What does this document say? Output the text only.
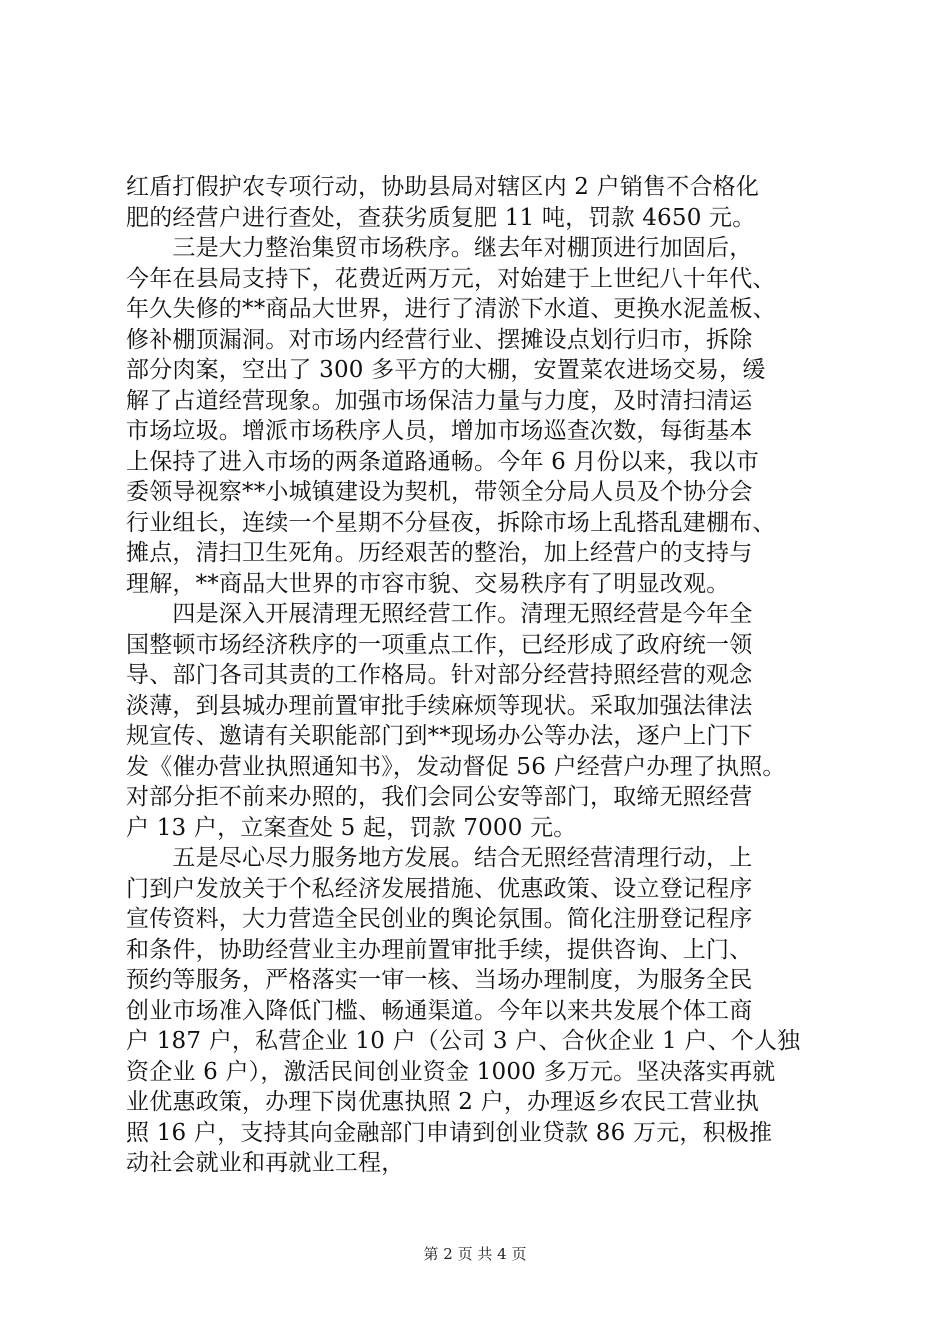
红盾打假护农专项行动，协助县局对辖区内 2 户销售不合格化
肥的经营户进行查处，查获劣质复肥 11 吨，罚款 4650 元。
　　三是大力整治集贸市场秩序。继去年对棚顶进行加固后，
今年在县局支持下，花费近两万元，对始建于上世纪八十年代、
年久失修的**商品大世界，进行了清淤下水道、更换水泥盖板、
修补棚顶漏洞。对市场内经营行业、摆摊设点划行归市，拆除
部分肉案，空出了 300 多平方的大棚，安置菜农进场交易，缓
解了占道经营现象。加强市场保洁力量与力度，及时清扫清运
市场垃圾。增派市场秩序人员，增加市场巡查次数，每街基本
上保持了进入市场的两条道路通畅。今年 6 月份以来，我以市
委领导视察**小城镇建设为契机，带领全分局人员及个协分会
行业组长，连续一个星期不分昼夜，拆除市场上乱搭乱建棚布、
摊点，清扫卫生死角。历经艰苦的整治，加上经营户的支持与
理解，**商品大世界的市容市貌、交易秩序有了明显改观。
　　四是深入开展清理无照经营工作。清理无照经营是今年全
国整顿市场经济秩序的一项重点工作，已经形成了政府统一领
导、部门各司其责的工作格局。针对部分经营持照经营的观念
淡薄，到县城办理前置审批手续麻烦等现状。采取加强法律法
规宣传、邀请有关职能部门到**现场办公等办法，逐户上门下
发《催办营业执照通知书》，发动督促 56 户经营户办理了执照。
对部分拒不前来办照的，我们会同公安等部门，取缔无照经营
户 13 户，立案查处 5 起，罚款 7000 元。
　　五是尽心尽力服务地方发展。结合无照经营清理行动，上
门到户发放关于个私经济发展措施、优惠政策、设立登记程序
宣传资料，大力营造全民创业的舆论氛围。简化注册登记程序
和条件，协助经营业主办理前置审批手续，提供咨询、上门、
预约等服务，严格落实一审一核、当场办理制度，为服务全民
创业市场准入降低门槛、畅通渠道。今年以来共发展个体工商
户 187 户，私营企业 10 户（公司 3 户、合伙企业 1 户、个人独
资企业 6 户），激活民间创业资金 1000 多万元。坚决落实再就
业优惠政策，办理下岗优惠执照 2 户，办理返乡农民工营业执
照 16 户，支持其向金融部门申请到创业贷款 86 万元，积极推
动社会就业和再就业工程，
第 2 页 共 4 页
